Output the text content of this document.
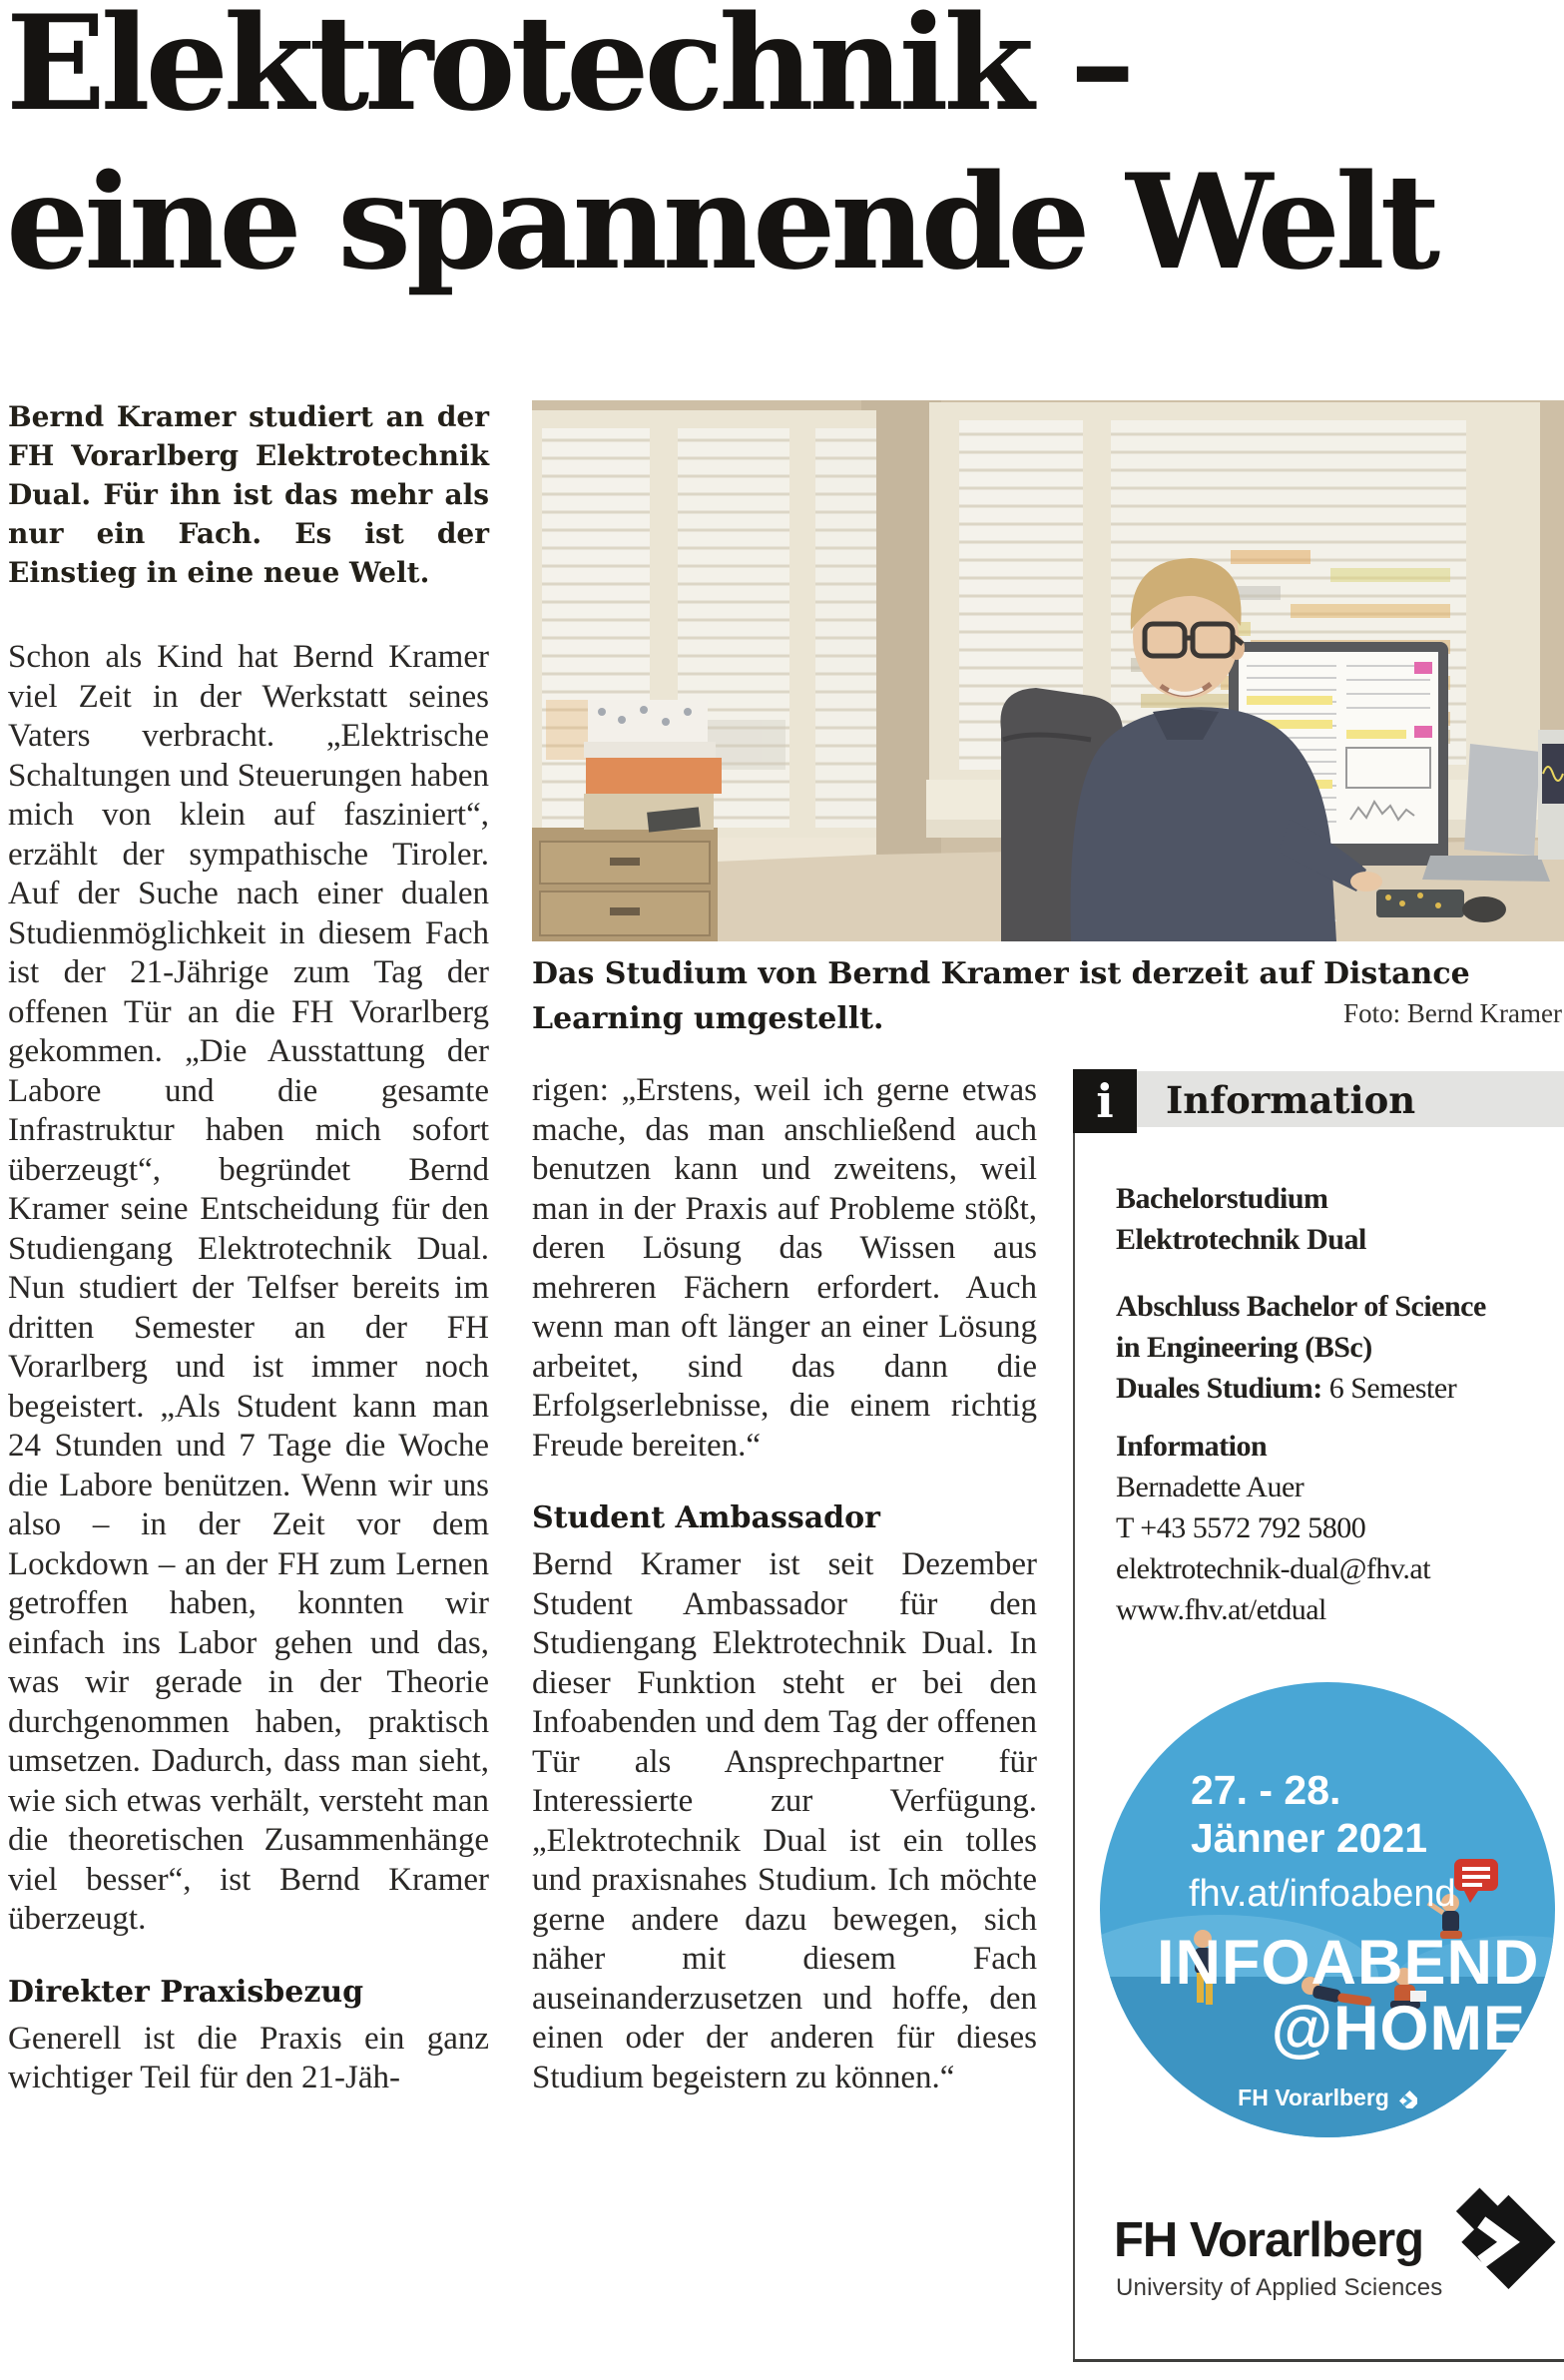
Elektrotechnik –
eine spannende Welt
Das Studium von Bernd Kramer ist derzeit auf Distance Learning umgestellt.	Foto: Bernd Kramer

Bernd Kramer studiert an der FH Vorarlberg Elektrotechnik Dual. Für ihn ist das mehr als nur ein Fach. Es ist der Einstieg in eine neue Welt.

Schon als Kind hat Bernd Kramer viel Zeit in der Werkstatt seines Vaters verbracht. „Elektrische Schaltungen und Steuerungen haben mich von klein auf fasziniert“, erzählt der sympathische Tiroler. Auf der Suche nach einer dualen Studienmöglichkeit in diesem Fach ist der 21-Jährige zum Tag der offenen Tür an die FH Vorarlberg gekommen. „Die Ausstattung der Labore und die gesamte Infrastruktur haben mich sofort überzeugt“, begründet Bernd Kramer seine Entscheidung für den Studiengang Elektrotechnik Dual. Nun studiert der Telfser bereits im dritten Semester an der FH Vorarlberg und ist immer noch begeistert. „Als Student kann man 24 Stunden und 7 Tage die Woche die Labore benützen. Wenn wir uns also – in der Zeit vor dem Lockdown – an der FH zum Lernen getroffen haben, konnten wir einfach ins Labor gehen und das, was wir gerade in der Theorie durchgenommen haben, praktisch umsetzen. Dadurch, dass man sieht, wie sich etwas verhält, versteht man die theoretischen Zusammenhänge viel besser“, ist Bernd Kramer überzeugt.

Direkter Praxisbezug

Generell ist die Praxis ein ganz wichtiger Teil für den 21-Jäh-

rigen: „Erstens, weil ich gerne etwas mache, das man anschließend auch benutzen kann und zweitens, weil man in der Praxis auf Probleme stößt, deren Lösung das Wissen aus mehreren Fächern erfordert. Auch wenn man oft länger an einer Lösung arbeitet, sind das dann die Erfolgserlebnisse, die einem richtig Freude bereiten.“

Student Ambassador

Bernd Kramer ist seit Dezember Student Ambassador für den Studiengang Elektrotechnik Dual. In dieser Funktion steht er bei den Infoabenden und dem Tag der offenen Tür als Ansprechpartner für Interessierte zur Verfügung. „Elektrotechnik Dual ist ein tolles und praxisnahes Studium. Ich möchte gerne andere dazu bewegen, sich näher mit diesem Fach auseinanderzusetzen und hoffe, den einen oder der anderen für dieses Studium begeistern zu können.“

i	Information
Bachelorstudium
Elektrotechnik Dual
Abschluss Bachelor of Science
in Engineering (BSc)
Duales Studium: 6 Semester
Information
Bernadette Auer
T +43 5572 792 5800
elektrotechnik-dual@fhv.at
www.fhv.at/etdual
27. - 28.
Jänner 2021
fhv.at/infoabend
INFOABEND
@HOME
FH Vorarlberg
FH Vorarlberg
University of Applied Sciences
